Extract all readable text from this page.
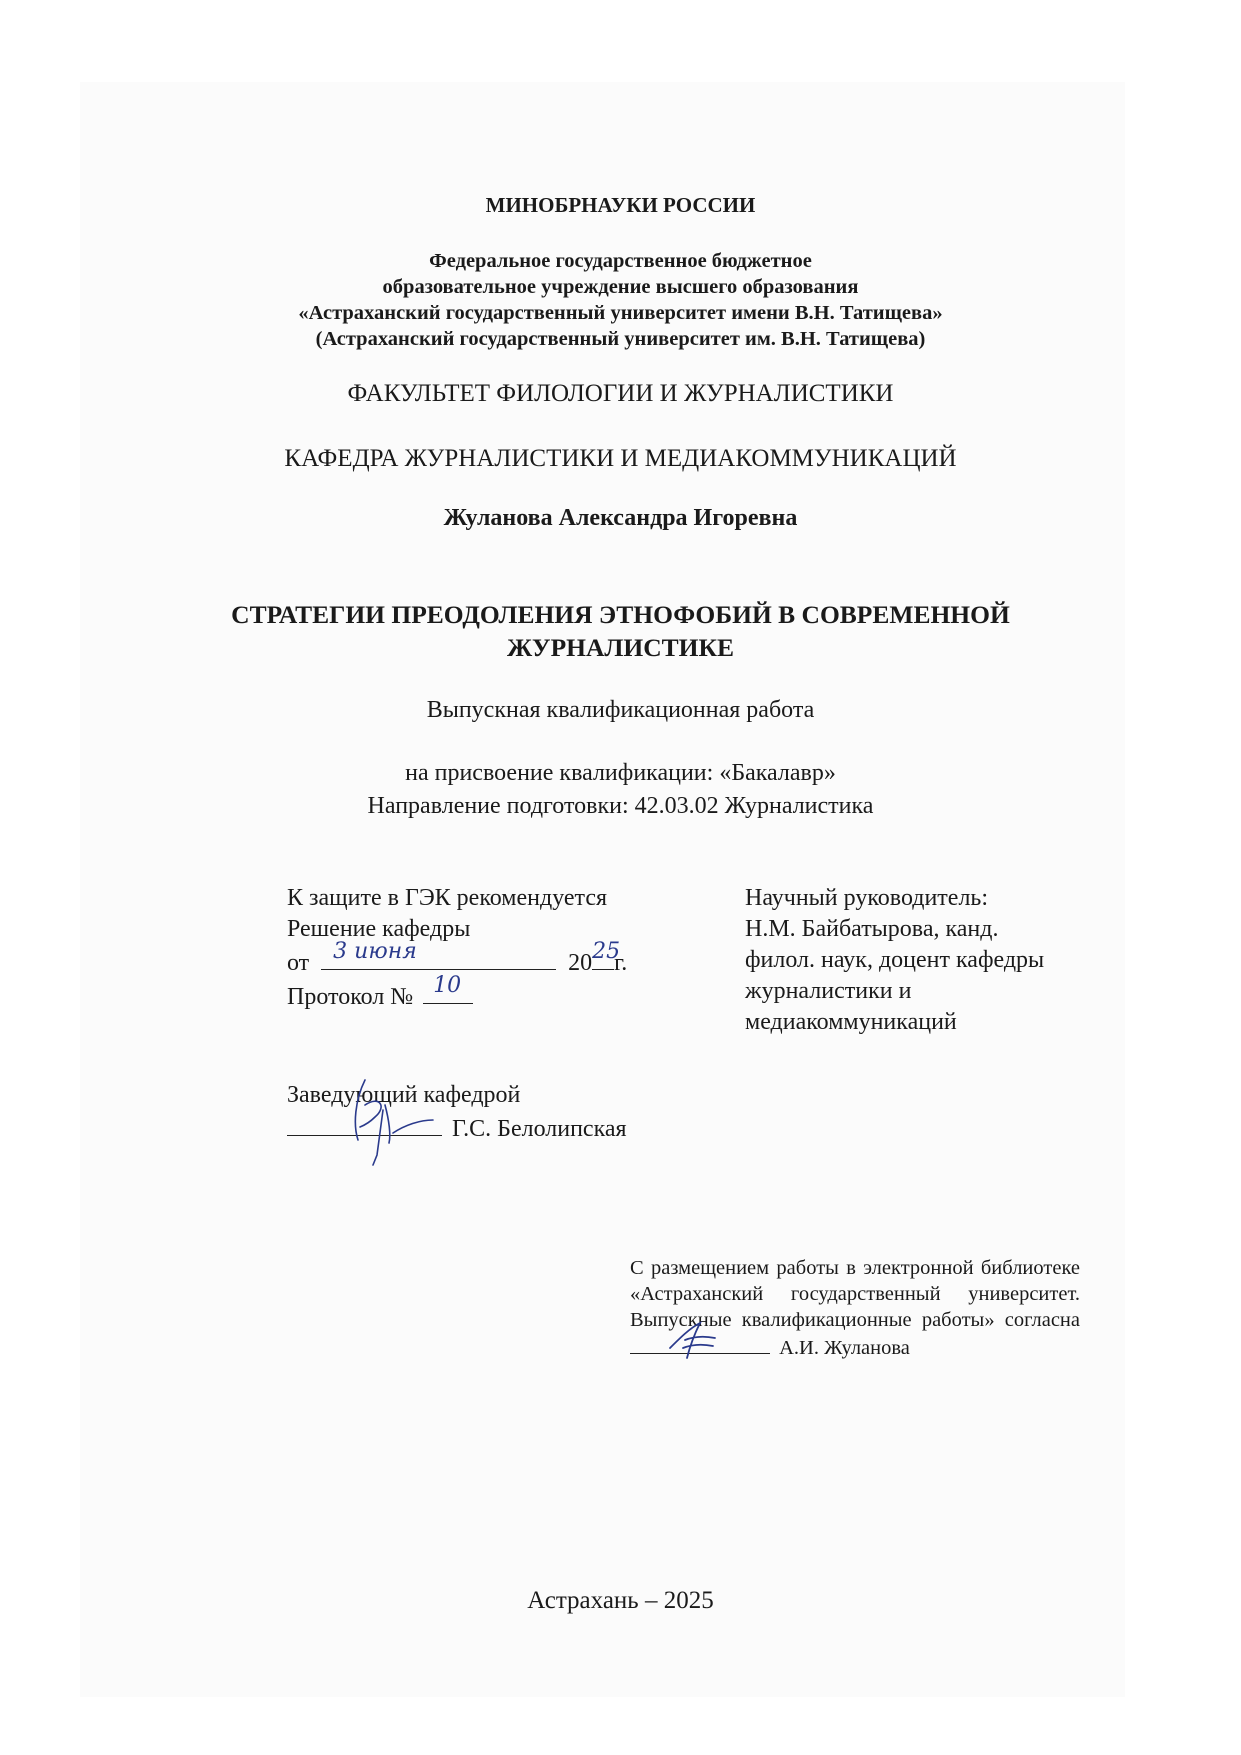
МИНОБРНАУКИ РОССИИ
Федеральное государственное бюджетное
образовательное учреждение высшего образования
«Астраханский государственный университет имени В.Н. Татищева»
(Астраханский государственный университет им. В.Н. Татищева)
ФАКУЛЬТЕТ ФИЛОЛОГИИ И ЖУРНАЛИСТИКИ
КАФЕДРА ЖУРНАЛИСТИКИ И МЕДИАКОММУНИКАЦИЙ
Жуланова Александра Игоревна
СТРАТЕГИИ ПРЕОДОЛЕНИЯ ЭТНОФОБИЙ В СОВРЕМЕННОЙ
ЖУРНАЛИСТИКЕ
Выпускная квалификационная работа
на присвоение квалификации: «Бакалавр»
Направление подготовки: 42.03.02 Журналистика
К защите в ГЭК рекомендуется
Решение кафедры
от 3 июня	20 25
г.
Протокол № 10
Научный руководитель:
Н.М. Байбатырова, канд.
филол. наук, доцент кафедры
журналистики и
медиакоммуникаций
Заведующий кафедрой
Г.С. Белолипская
С размещением работы в электронной библиотеке
«Астраханский государственный университет.
Выпускные квалификационные работы» согласна
А.И. Жуланова
Астрахань – 2025
